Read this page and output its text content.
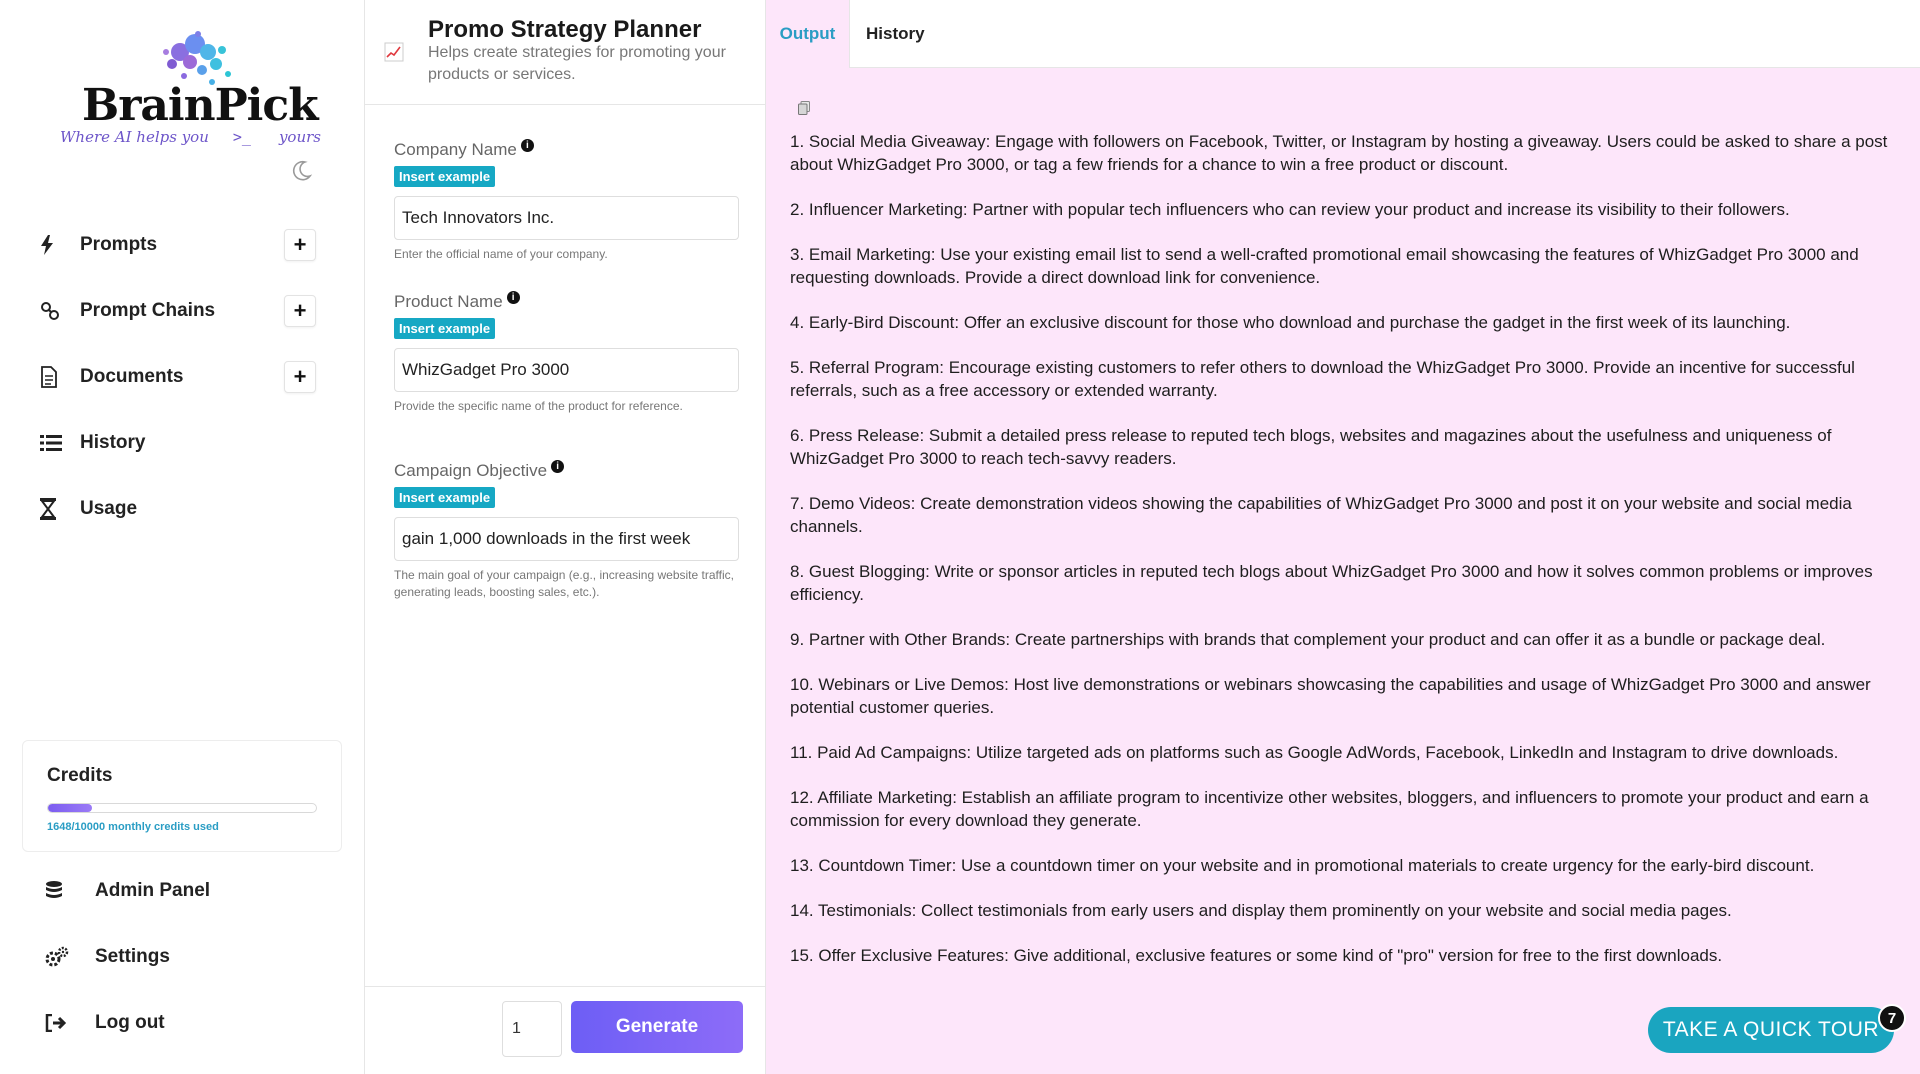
BrainPick
Where AI helps you >_ yours
Prompts	+
Prompt Chains	+
Documents	+
History
Usage
Credits
1648/10000 monthly credits used
Admin Panel
Settings
Log out
Promo Strategy Planner
Helps create strategies for promoting your products or services.
Company Name i
Insert example
Tech Innovators Inc.
Enter the official name of your company.
Product Name i
Insert example
WhizGadget Pro 3000
Provide the specific name of the product for reference.
Campaign Objective i
Insert example
gain 1,000 downloads in the first week
The main goal of your campaign (e.g., increasing website traffic, generating leads, boosting sales, etc.).
1	Generate
Output	History

1. Social Media Giveaway: Engage with followers on Facebook, Twitter, or Instagram by hosting a giveaway. Users could be asked to share a post about WhizGadget Pro 3000, or tag a few friends for a chance to win a free product or discount.

2. Influencer Marketing: Partner with popular tech influencers who can review your product and increase its visibility to their followers.

3. Email Marketing: Use your existing email list to send a well-crafted promotional email showcasing the features of WhizGadget Pro 3000 and requesting downloads. Provide a direct download link for convenience.

4. Early-Bird Discount: Offer an exclusive discount for those who download and purchase the gadget in the first week of its launching.

5. Referral Program: Encourage existing customers to refer others to download the WhizGadget Pro 3000. Provide an incentive for successful referrals, such as a free accessory or extended warranty.

6. Press Release: Submit a detailed press release to reputed tech blogs, websites and magazines about the usefulness and uniqueness of WhizGadget Pro 3000 to reach tech-savvy readers.

7. Demo Videos: Create demonstration videos showing the capabilities of WhizGadget Pro 3000 and post it on your website and social media channels.

8. Guest Blogging: Write or sponsor articles in reputed tech blogs about WhizGadget Pro 3000 and how it solves common problems or improves efficiency.

9. Partner with Other Brands: Create partnerships with brands that complement your product and can offer it as a bundle or package deal.

10. Webinars or Live Demos: Host live demonstrations or webinars showcasing the capabilities and usage of WhizGadget Pro 3000 and answer potential customer queries.

11. Paid Ad Campaigns: Utilize targeted ads on platforms such as Google AdWords, Facebook, LinkedIn and Instagram to drive downloads.

12. Affiliate Marketing: Establish an affiliate program to incentivize other websites, bloggers, and influencers to promote your product and earn a commission for every download they generate.

13. Countdown Timer: Use a countdown timer on your website and in promotional materials to create urgency for the early-bird discount.

14. Testimonials: Collect testimonials from early users and display them prominently on your website and social media pages.

15. Offer Exclusive Features: Give additional, exclusive features or some kind of "pro" version for free to the first downloads.

TAKE A QUICK TOUR 7
